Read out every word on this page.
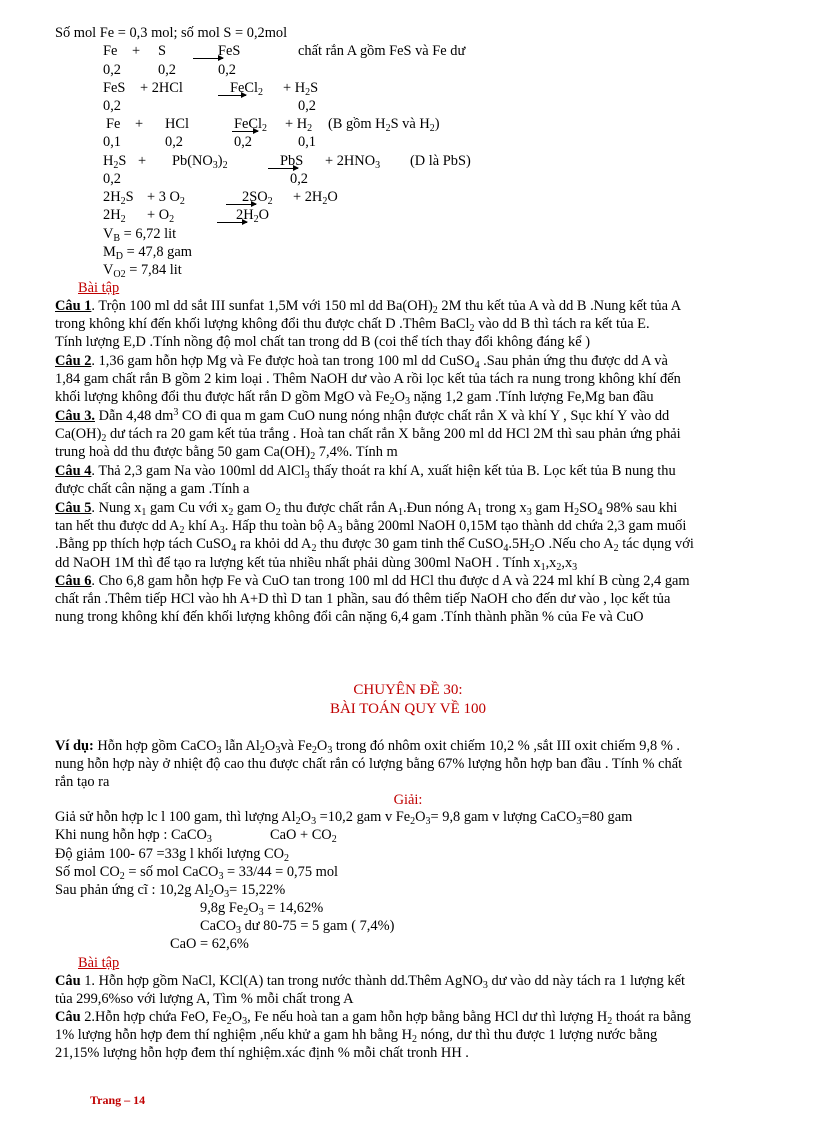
Số mol Fe = 0,3 mol; số mol S = 0,2mol
Fe + S	FeS	chất rắn A gồm FeS và Fe dư
0,2	0,2	0,2
FeS + 2HCl	FeCl$_2$ + $H_2S$
0,2	0,2
Fe + HCl	FeCl$_2$ + $H_2$ (B gồm $H_2S$ và $H_2$)
0,1	0,2	0,2	0,1
$H_2S + Pb(NO_3)_2$	PbS + $2HNO_3$ (D là PbS)
0,2	0,2
$2H_2S + 3$ $O_2$	$2SO_2 + 2H_2O$
$2H_2 + O_2$	$2H_2O$
$V_B = 6,72$ lit
$M_D = 47,8$ gam
$V_{O2} = 7,84$ lit
Bài tập
Câu 1. Trộn 100 ml dd sắt III sunfat 1,5M với 150 ml dd $Ba(OH)_2$ 2M thu kết tủa A và dd B .Nung kết tủa A
trong không khí đến khối lượng không đổi thu được chất D .Thêm BaCl$_2$ vào dd B thì tách ra kết tủa E.
Tính lượng E,D .Tính nồng độ mol chất tan trong dd B (coi thể tích thay đổi không đáng kể )
Câu 2. 1,36 gam hỗn hợp Mg và Fe được hoà tan trong 100 ml dd CuSO$_4$ .Sau phản ứng thu được dd A và
1,84 gam chất rắn B gồm 2 kim loại . Thêm NaOH dư vào A rồi lọc kết tủa tách ra nung trong không khí đến
khối lượng không đổi thu được hất rắn D gồm MgO và $Fe_2O_3$ nặng 1,2 gam .Tính lượng Fe,Mg ban đầu
Câu 3. Dẫn 4,48 $dm^3$ CO đi qua m gam CuO nung nóng nhận được chất rắn X và khí Y , Sục khí Y vào dd
$Ca(OH)_2$ dư tách ra 20 gam kết tủa trắng . Hoà tan chất rắn X bằng 200 ml dd HCl 2M thì sau phản ứng phải
trung hoà dd thu được bằng 50 gam $Ca(OH)_2$ 7,4%. Tính m
Câu 4. Thả 2,3 gam Na vào 100ml dd AlCl$_3$ thấy thoát ra khí A, xuất hiện kết tủa B. Lọc kết tủa B nung thu
được chất cân nặng a gam .Tính a
Câu 5. Nung $x_1$ gam Cu với $x_2$ gam $O_2$ thu được chất rắn $A_1.Đun$ nóng $A_1$ trong $x_3$ gam $H_2SO_4$ 98% sau khi
tan hết thu được dd $A_2$ khí $A_3$. Hấp thu toàn bộ $A_3$ bằng 200ml NaOH 0,15M tạo thành dd chứa 2,3 gam muối
.Bằng pp thích hợp tách CuSO$_4$ ra khỏi dd $A_2$ thu được 30 gam tinh thể $CuSO_4.5H_2O$ .Nếu cho $A_2$ tác dụng với
dd NaOH 1M thì để tạo ra lượng kết tủa nhiều nhất phải dùng 300ml NaOH . Tính $x_1,x_2,x_3$
Câu 6. Cho 6,8 gam hỗn hợp Fe và CuO tan trong 100 ml dd HCl thu được d A và 224 ml khí B cùng 2,4 gam
chất rắn .Thêm tiếp HCl vào hh A+D thì D tan 1 phần, sau đó thêm tiếp NaOH cho đến dư vào , lọc kết tủa
nung trong không khí đến khối lượng không đổi cân nặng 6,4 gam .Tính thành phần % của Fe và CuO
CHUYÊN ĐỀ 30:
BÀI TOÁN QUY VỀ 100
Ví dụ: Hỗn hợp gồm CaCO$_3$ lẫn $Al_2O_3và$ $Fe_2O_3$ trong đó nhôm oxit chiếm 10,2 % ,sắt III oxit chiếm 9,8 % .
nung hỗn hợp này ở nhiệt độ cao thu được chất rắn có lượng bằng 67% lượng hỗn hợp ban đầu . Tính % chất
rắn tạo ra
Giải:
Giả sử hỗn hợp lc l 100 gam, thì lượng $Al_2O_3 =10,2$ gam v $Fe_2O_3= 9,8$ gam v lượng CaCO$_3$=80 gam
Khi nung hỗn hợp : CaCO$_3$	CaO + $CO_2$
Độ giảm 100- 67 =33g l khối lượng $CO_2$
Số mol $CO_2$ = số mol CaCO$_3$ = 33/44 = 0,75 mol
Sau phản ứng cĩ : 10,2g $Al_2O_3= 15,22\%$
9,8g $Fe_2O_3 = 14,62\%$
CaCO$_3$ dư 80-75 = 5 gam ( 7,4%)
CaO = 62,6%
Bài tập
Câu 1. Hỗn hợp gồm NaCl, KCl(A) tan trong nước thành dd.Thêm AgNO$_3$ dư vào dd này tách ra 1 lượng kết
tủa 299,6%so với lượng A, Tìm % mỗi chất trong A
Câu 2.Hỗn hợp chứa FeO, $Fe_2O_3$, Fe nếu hoà tan a gam hỗn hợp bằng bằng HCl dư thì lượng $H_2$ thoát ra bằng
1% lượng hỗn hợp đem thí nghiệm ,nếu khử a gam hh bằng $H_2$ nóng, dư thì thu được 1 lượng nước bằng
21,15% lượng hỗn hợp đem thí nghiệm.xác định % mỗi chất tronh HH .
Trang – 14
